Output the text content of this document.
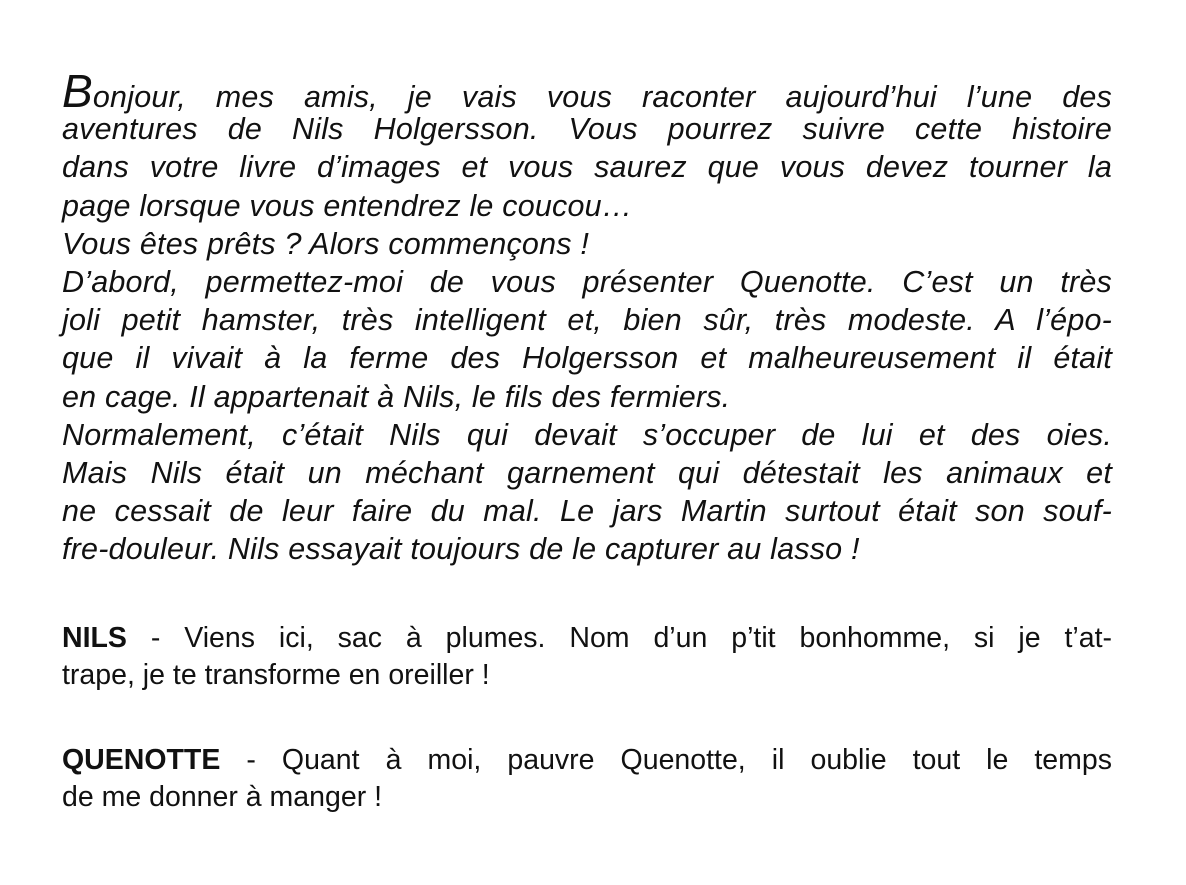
Bonjour, mes amis, je vais vous raconter aujourd’hui l’une des
aventures de Nils Holgersson. Vous pourrez suivre cette histoire
dans votre livre d’images et vous saurez que vous devez tourner la
page lorsque vous entendrez le coucou…
Vous êtes prêts ? Alors commençons !
D’abord, permettez-moi de vous présenter Quenotte. C’est un très
joli petit hamster, très intelligent et, bien sûr, très modeste. A l’épo-
que il vivait à la ferme des Holgersson et malheureusement il était
en cage. Il appartenait à Nils, le fils des fermiers.
Normalement, c’était Nils qui devait s’occuper de lui et des oies.
Mais Nils était un méchant garnement qui détestait les animaux et
ne cessait de leur faire du mal. Le jars Martin surtout était son souf-
fre-douleur. Nils essayait toujours de le capturer au lasso !
NILS - Viens ici, sac à plumes. Nom d’un p’tit bonhomme, si je t’at-
trape, je te transforme en oreiller !
QUENOTTE - Quant à moi, pauvre Quenotte, il oublie tout le temps
de me donner à manger !
